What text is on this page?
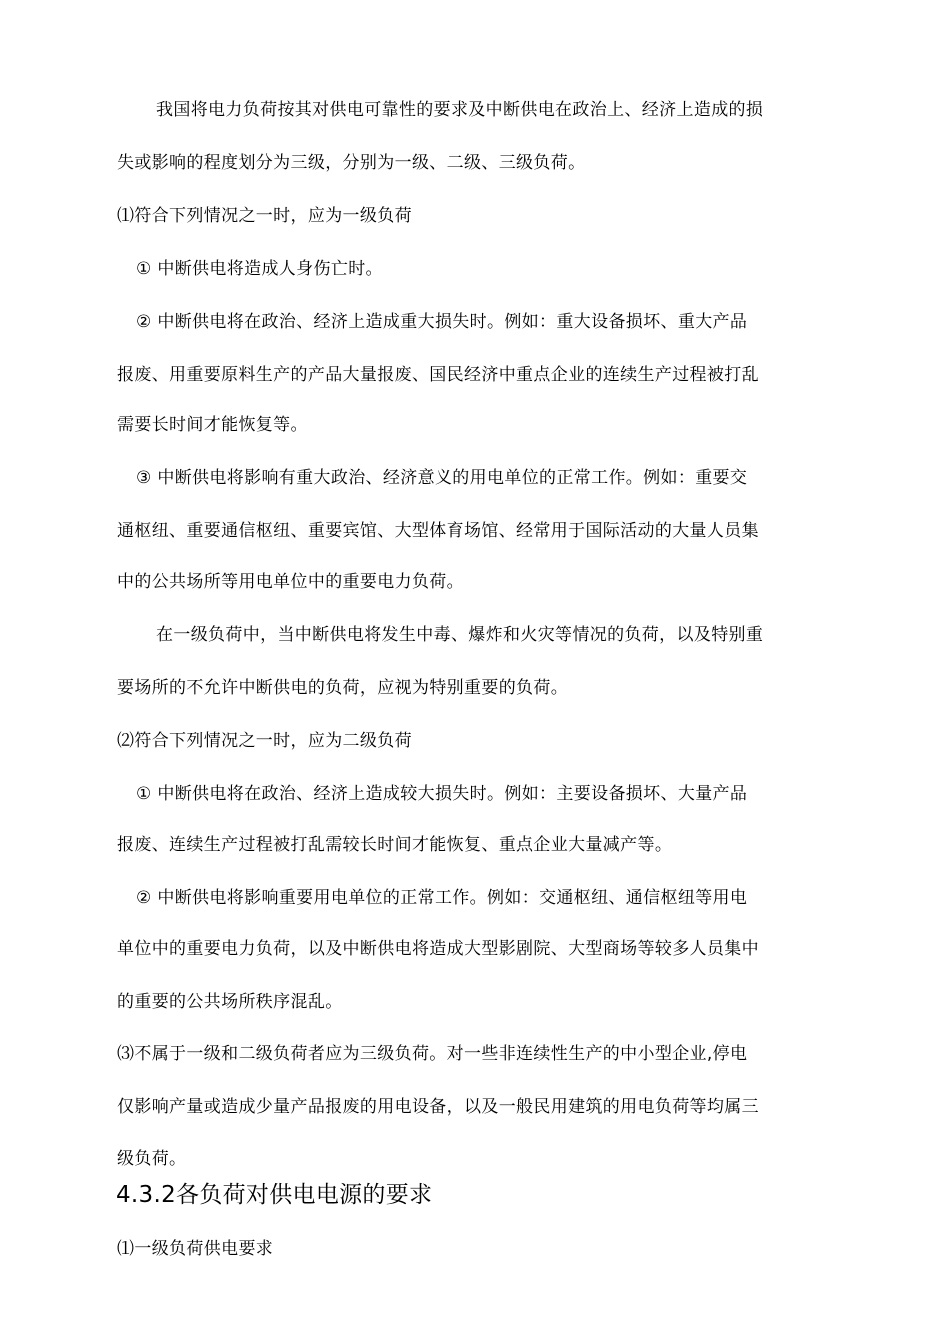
我国将电力负荷按其对供电可靠性的要求及中断供电在政治上、经济上造成的损
失或影响的程度划分为三级，分别为一级、二级、三级负荷。
⑴符合下列情况之一时，应为一级负荷
① 中断供电将造成人身伤亡时。
② 中断供电将在政治、经济上造成重大损失时。例如：重大设备损坏、重大产品
报废、用重要原料生产的产品大量报废、国民经济中重点企业的连续生产过程被打乱
需要长时间才能恢复等。
③ 中断供电将影响有重大政治、经济意义的用电单位的正常工作。例如：重要交
通枢纽、重要通信枢纽、重要宾馆、大型体育场馆、经常用于国际活动的大量人员集
中的公共场所等用电单位中的重要电力负荷。
在一级负荷中，当中断供电将发生中毒、爆炸和火灾等情况的负荷，以及特别重
要场所的不允许中断供电的负荷，应视为特别重要的负荷。
⑵符合下列情况之一时，应为二级负荷
① 中断供电将在政治、经济上造成较大损失时。例如：主要设备损坏、大量产品
报废、连续生产过程被打乱需较长时间才能恢复、重点企业大量减产等。
② 中断供电将影响重要用电单位的正常工作。例如：交通枢纽、通信枢纽等用电
单位中的重要电力负荷，以及中断供电将造成大型影剧院、大型商场等较多人员集中
的重要的公共场所秩序混乱。
⑶不属于一级和二级负荷者应为三级负荷。对一些非连续性生产的中小型企业,停电
仅影响产量或造成少量产品报废的用电设备，以及一般民用建筑的用电负荷等均属三
级负荷。
4.3.2各负荷对供电电源的要求
⑴一级负荷供电要求
